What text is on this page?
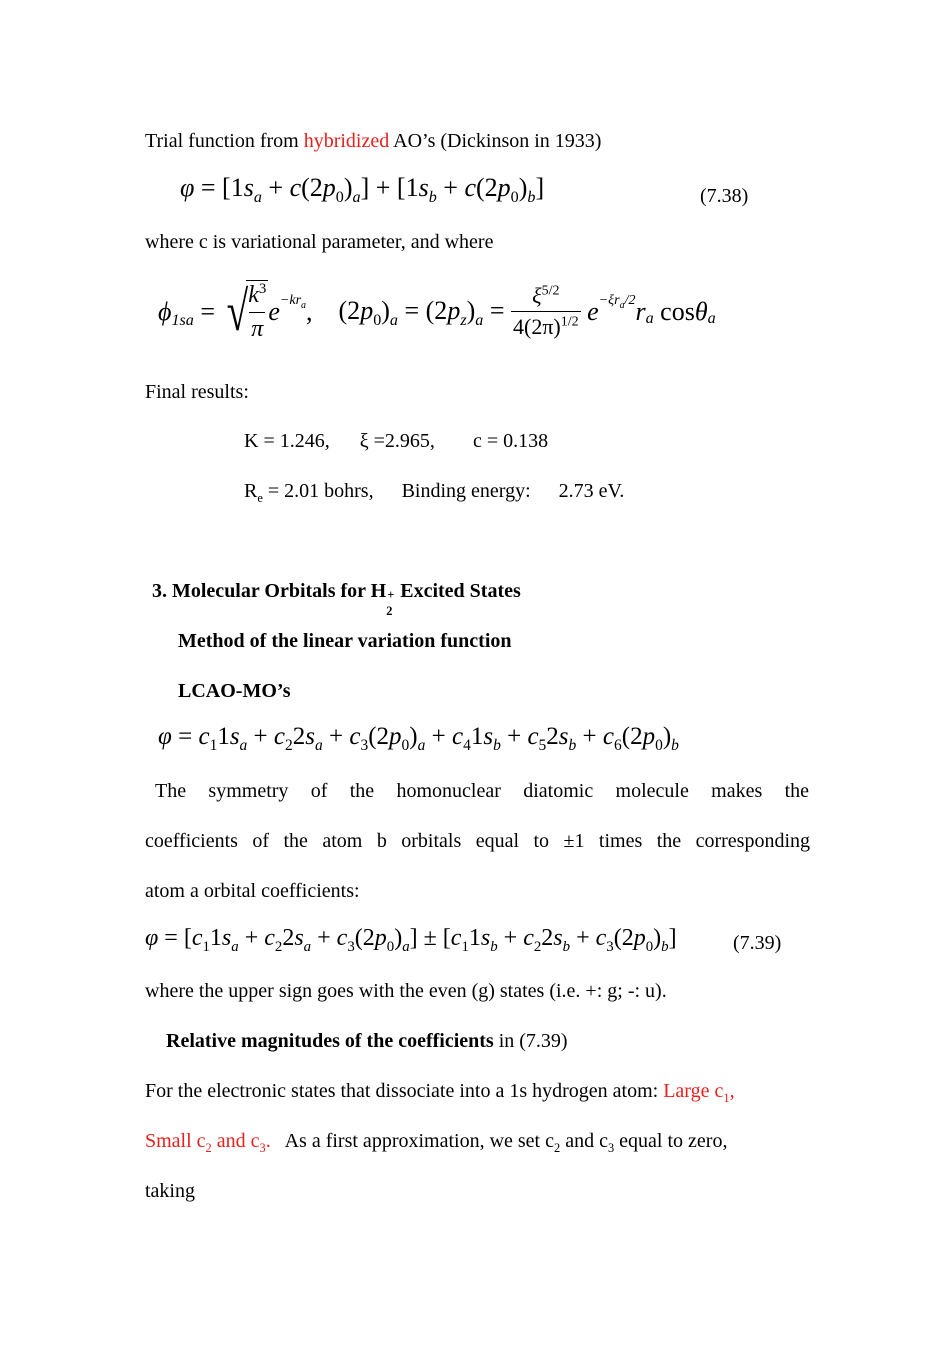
Trial function from hybridized AO’s (Dickinson in 1933)
$\varphi = [1s_a + c(2p_0)_a] + [1s_b + c(2p_0)_b]$	(7.38)
where c is variational parameter, and where
$\phi_{1sa}$ = √
$\frac{k^3}{\pi}$ e $^{-kr_a}$ , $(2p_0)_a = (2p_z)_a = \frac{\xi^{5/2}}{4(2\pi)^{1/2}}$ e $^{-\xi r_a/2}$ $r_a$ $\cos \theta_a$
Final results:
K = 1.246, ξ =2.965, c = 0.138
$R_e = 2.01$ bohrs, Binding energy: 2.73 eV.
3. Molecular Orbitals for H
2
+ Excited States
Method of the linear variation function
LCAO-MO’s
$\varphi = c_11s_a + c_22s_a + c_3(2p_0)_a + c_41s_b + c_52s_b + c_6(2p_0)_b$
The symmetry of the homonuclear diatomic molecule makes the
coefficients of the atom b orbitals equal to ±1 times the corresponding
atom a orbital coefficients:
$\varphi = [c_11s_a + c_22s_a + c_3(2p_0)_a] \pm [c_11s_b + c_22s_b + c_3(2p_0)_b]$	(7.39)
where the upper sign goes with the even (g) states (i.e. +: g; -: u).
Relative magnitudes of the coefficients in (7.39)
For the electronic states that dissociate into a 1s hydrogen atom: Large $c_1$,
Small $c_2$ and $c_3$.   As a first approximation, we set $c_2$ and $c_3$ equal to zero,
taking
